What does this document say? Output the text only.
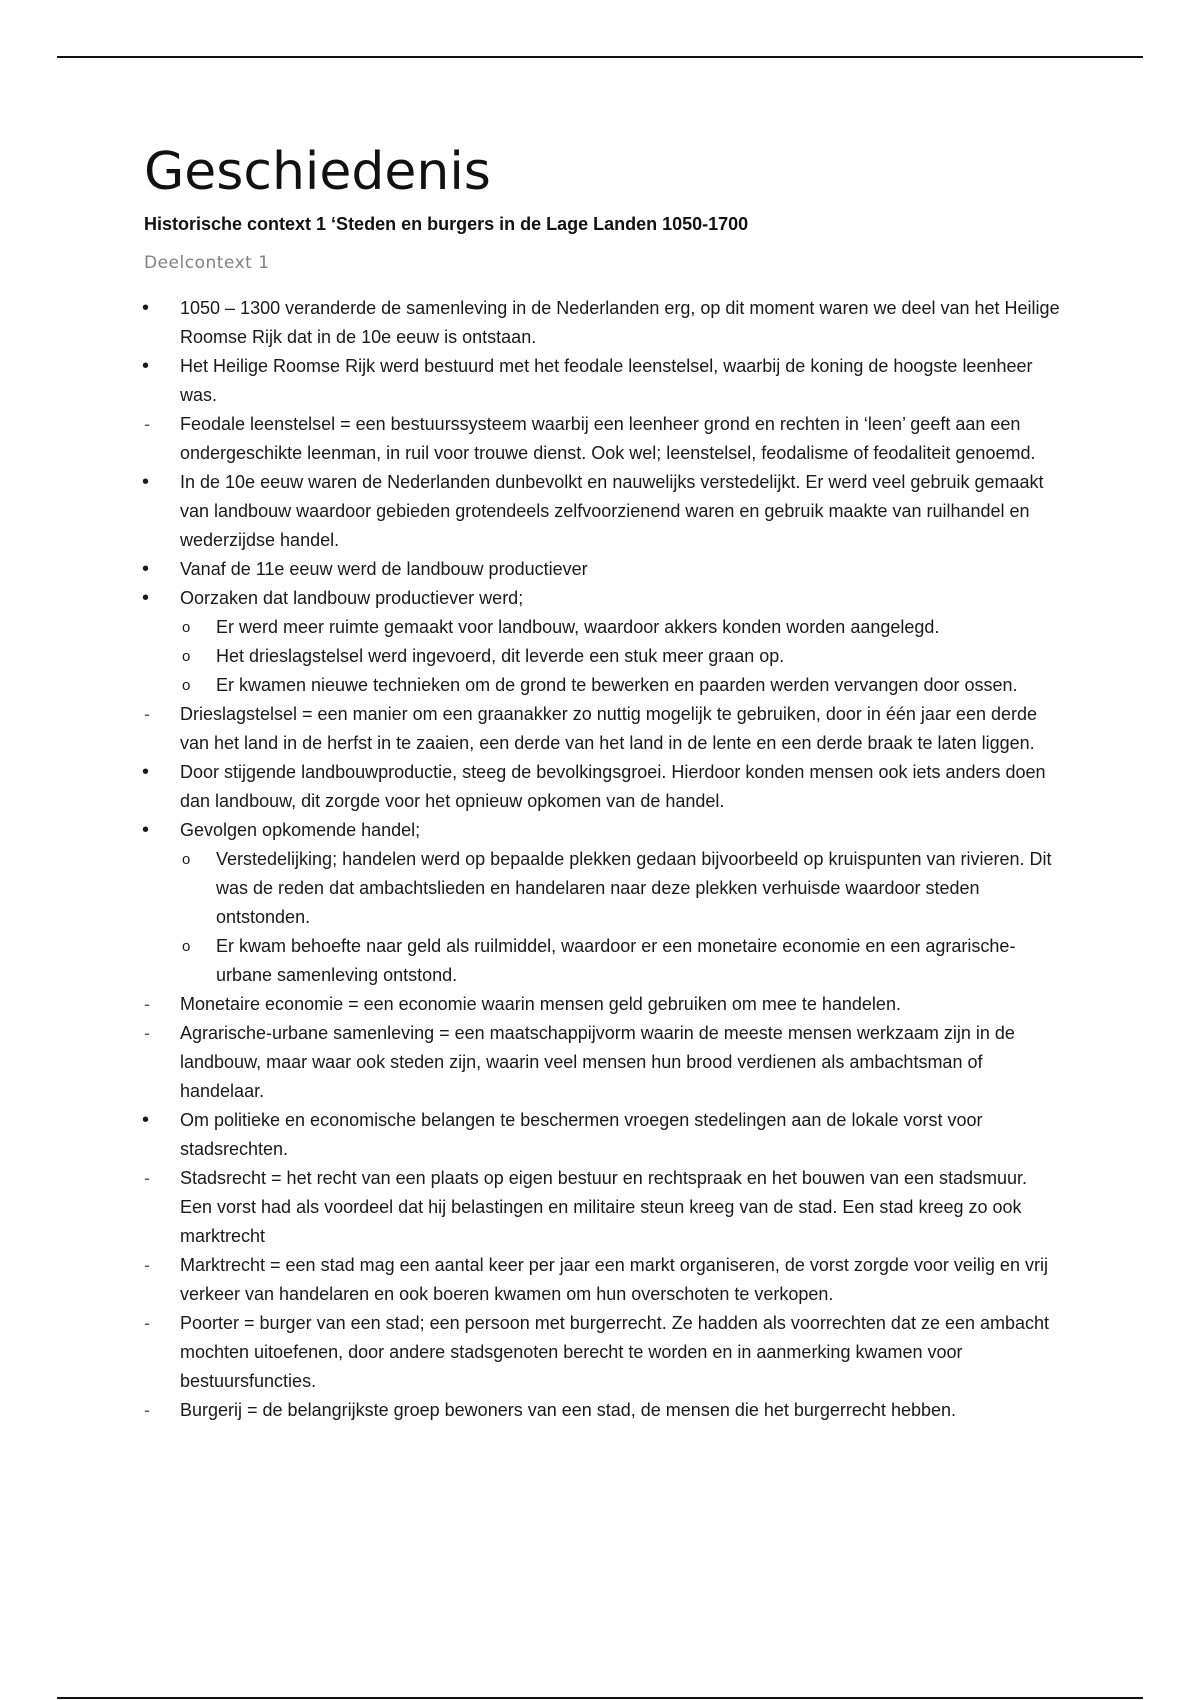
Geschiedenis
Historische context 1 ‘Steden en burgers in de Lage Landen 1050-1700
Deelcontext 1
•	1050 – 1300 veranderde de samenleving in de Nederlanden erg, op dit moment waren we deel van het Heilige Roomse Rijk dat in de 10e eeuw is ontstaan.
•	Het Heilige Roomse Rijk werd bestuurd met het feodale leenstelsel, waarbij de koning de hoogste leenheer was.
-	Feodale leenstelsel = een bestuurssysteem waarbij een leenheer grond en rechten in ‘leen’ geeft aan een ondergeschikte leenman, in ruil voor trouwe dienst. Ook wel; leenstelsel, feodalisme of feodaliteit genoemd.
•	In de 10e eeuw waren de Nederlanden dunbevolkt en nauwelijks verstedelijkt. Er werd veel gebruik gemaakt van landbouw waardoor gebieden grotendeels zelfvoorzienend waren en gebruik maakte van ruilhandel en wederzijdse handel.
•	Vanaf de 11e eeuw werd de landbouw productiever
•	Oorzaken dat landbouw productiever werd;
o	Er werd meer ruimte gemaakt voor landbouw, waardoor akkers konden worden aangelegd.
o	Het drieslagstelsel werd ingevoerd, dit leverde een stuk meer graan op.
o	Er kwamen nieuwe technieken om de grond te bewerken en paarden werden vervangen door ossen.
-	Drieslagstelsel = een manier om een graanakker zo nuttig mogelijk te gebruiken, door in één jaar een derde van het land in de herfst in te zaaien, een derde van het land in de lente en een derde braak te laten liggen.
•	Door stijgende landbouwproductie, steeg de bevolkingsgroei. Hierdoor konden mensen ook iets anders doen dan landbouw, dit zorgde voor het opnieuw opkomen van de handel.
•	Gevolgen opkomende handel;
o	Verstedelijking; handelen werd op bepaalde plekken gedaan bijvoorbeeld op kruispunten van rivieren. Dit was de reden dat ambachtslieden en handelaren naar deze plekken verhuisde waardoor steden ontstonden.
o	Er kwam behoefte naar geld als ruilmiddel, waardoor er een monetaire economie en een agrarische-urbane samenleving ontstond.
-	Monetaire economie = een economie waarin mensen geld gebruiken om mee te handelen.
-	Agrarische-urbane samenleving = een maatschappijvorm waarin de meeste mensen werkzaam zijn in de landbouw, maar waar ook steden zijn, waarin veel mensen hun brood verdienen als ambachtsman of handelaar.
•	Om politieke en economische belangen te beschermen vroegen stedelingen aan de lokale vorst voor stadsrechten.
-	Stadsrecht = het recht van een plaats op eigen bestuur en rechtspraak en het bouwen van een stadsmuur. Een vorst had als voordeel dat hij belastingen en militaire steun kreeg van de stad. Een stad kreeg zo ook marktrecht
-	Marktrecht = een stad mag een aantal keer per jaar een markt organiseren, de vorst zorgde voor veilig en vrij verkeer van handelaren en ook boeren kwamen om hun overschoten te verkopen.
-	Poorter = burger van een stad; een persoon met burgerrecht. Ze hadden als voorrechten dat ze een ambacht mochten uitoefenen, door andere stadsgenoten berecht te worden en in aanmerking kwamen voor bestuursfuncties.
-	Burgerij = de belangrijkste groep bewoners van een stad, de mensen die het burgerrecht hebben.
